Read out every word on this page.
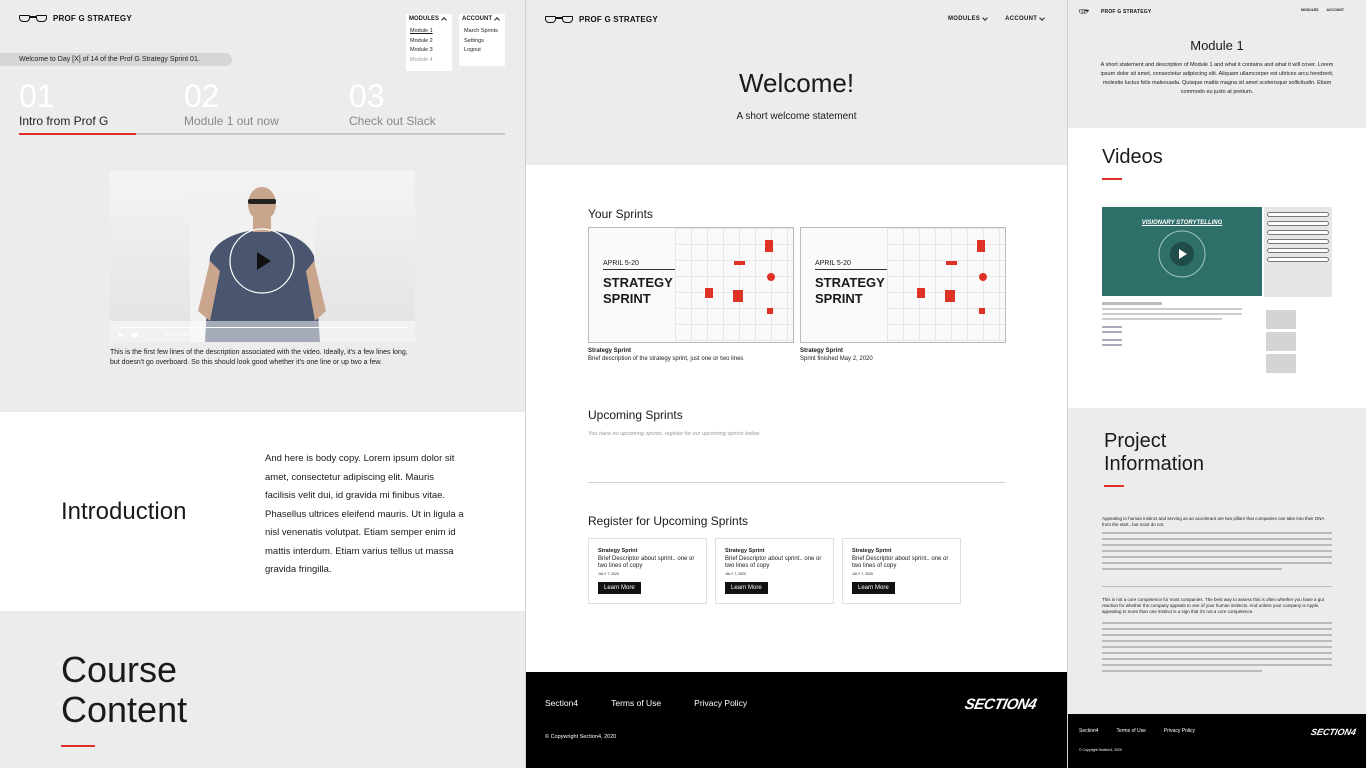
PROF G STRATEGY	MODULES
Module 1
Module 2
Module 3
Module 4
ACCOUNT
March Sprints
Settings
Logout
Welcome to Day [X] of 14 of the Prof G Strategy Sprint 01.
01
Intro from Prof G
02
Module 1 out now
03
Check out Slack
00:00 / 1:00
This is the first few lines of the description associated with the video. Ideally, it's a few lines long, but doesn't go overboard. So this should look good whether it's one line or up two a few.
Introduction
And here is body copy. Lorem ipsum dolor sit amet, consectetur adipiscing elit. Mauris facilisis velit dui, id gravida mi finibus vitae. Phasellus ultrices eleifend mauris. Ut in ligula a nisl venenatis volutpat. Etiam semper enim id mattis interdum. Etiam varius tellus ut massa gravida fringilla.
Course
Content
PROF G STRATEGY	MODULES	ACCOUNT
Welcome!
A short welcome statement
Your Sprints
APRIL 5-20
STRATEGY
SPRINT
Strategy Sprint
Brief description of the strategy sprint, just one or two lines
APRIL 5-20
STRATEGY
SPRINT
Strategy Sprint
Sprint finished May 2, 2020
Upcoming Sprints
You have no upcoming sprints, register for our upcoming sprints below
Register for Upcoming Sprints
Strategy Sprint
Brief Descriptor about sprint.. one or two lines of copy
JULY 7, 2020
Learn More
Strategy Sprint
Brief Descriptor about sprint.. one or two lines of copy
JULY 7, 2020
Learn More
Strategy Sprint
Brief Descriptor about sprint.. one or two lines of copy
JULY 7, 2020
Learn More
Section4	Terms of Use	Privacy Policy
© Copywright Section4, 2020
SECTION4
PROF G STRATEGY	MODULES ACCOUNT
Module 1
A short statement and description of Module 1 and what it contains and what it will cover. Lorem ipsum dolor sit amet, consectetur adipiscing elit. Aliquam ullamcorper est ultrices arcu hendrerit, molestie luctus felis malesuada. Quisque mattis magna sit amet scelerisque sollicitudin. Etiam commodo eu justo at pretium.
Videos
VISIONARY STORYTELLING
Project
Information
Appealing to human instinct and serving as an accelerant are two pillars that companies can take into their DNA from the start...but most do not.
This is not a core competence for most companies. The best way to assess this is often whether you have a gut reaction for whether the company appeals to one of your human instincts. And unless your company is Apple, appealing to more than one instinct is a sign that it's not a core competence.
Section4	Terms of Use	Privacy Policy
© Copyright Section4, 2020
SECTION4
